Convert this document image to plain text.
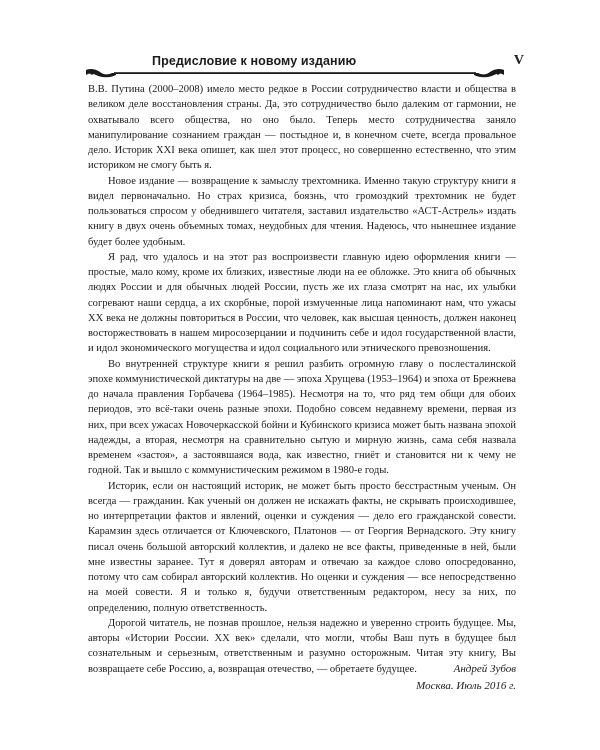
Предисловие к новому изданию	V

В.В. Путина (2000–2008) имело место редкое в России сотрудничество власти и общества в великом деле восстановления страны. Да, это сотрудничество было далеким от гармонии, не охватывало всего общества, но оно было. Теперь место сотрудничества заняло манипулирование сознанием граждан — постыдное и, в конечном счете, всегда провальное дело. Историк XXI века опишет, как шел этот процесс, но совершенно естественно, что этим историком не смогу быть я.

Новое издание — возвращение к замыслу трехтомника. Именно такую структуру книги я видел первоначально. Но страх кризиса, боязнь, что громоздкий трехтомник не будет пользоваться спросом у обеднившего читателя, заставил издательство «АСТ-Астрель» издать книгу в двух очень объемных томах, неудобных для чтения. Надеюсь, что нынешнее издание будет более удобным.

Я рад, что удалось и на этот раз воспроизвести главную идею оформления книги — простые, мало кому, кроме их близких, известные люди на ее обложке. Это книга об обычных людях России и для обычных людей России, пусть же их глаза смотрят на нас, их улыбки согревают наши сердца, а их скорбные, порой измученные лица напоминают нам, что ужасы XX века не должны повториться в России, что человек, как высшая ценность, должен наконец восторжествовать в нашем миросозерцании и подчинить себе и идол государственной власти, и идол экономического могущества и идол социального или этнического превозношения.

Во внутренней структуре книги я решил разбить огромную главу о послесталинской эпохе коммунистической диктатуры на две — эпоха Хрущева (1953–1964) и эпоха от Брежнева до начала правления Горбачева (1964–1985). Несмотря на то, что ряд тем общи для обоих периодов, это всё-таки очень разные эпохи. Подобно совсем недавнему времени, первая из них, при всех ужасах Новочеркасской бойни и Кубинского кризиса может быть названа эпохой надежды, а вторая, несмотря на сравнительно сытую и мирную жизнь, сама себя назвала временем «застоя», а застоявшаяся вода, как известно, гниёт и становится ни к чему не годной. Так и вышло с коммунистическим режимом в 1980-е годы.

Историк, если он настоящий историк, не может быть просто бесстрастным ученым. Он всегда — гражданин. Как ученый он должен не искажать факты, не скрывать происходившее, но интерпретации фактов и явлений, оценки и суждения — дело его гражданской совести. Карамзин здесь отличается от Ключевского, Платонов — от Георгия Вернадского. Эту книгу писал очень большой авторский коллектив, и далеко не все факты, приведенные в ней, были мне известны заранее. Тут я доверял авторам и отвечаю за каждое слово опосредованно, потому что сам собирал авторский коллектив. Но оценки и суждения — все непосредственно на моей совести. Я и только я, будучи ответственным редактором, несу за них, по определению, полную ответственность.

Дорогой читатель, не познав прошлое, нельзя надежно и уверенно строить будущее. Мы, авторы «Истории России. XX век» сделали, что могли, чтобы Ваш путь в будущее был сознательным и серьезным, ответственным и разумно осторожным. Читая эту книгу, Вы возвращаете себе Россию, а, возвращая отечество, — обретаете будущее.	Андрей Зубов
Москва. Июль 2016 г.
